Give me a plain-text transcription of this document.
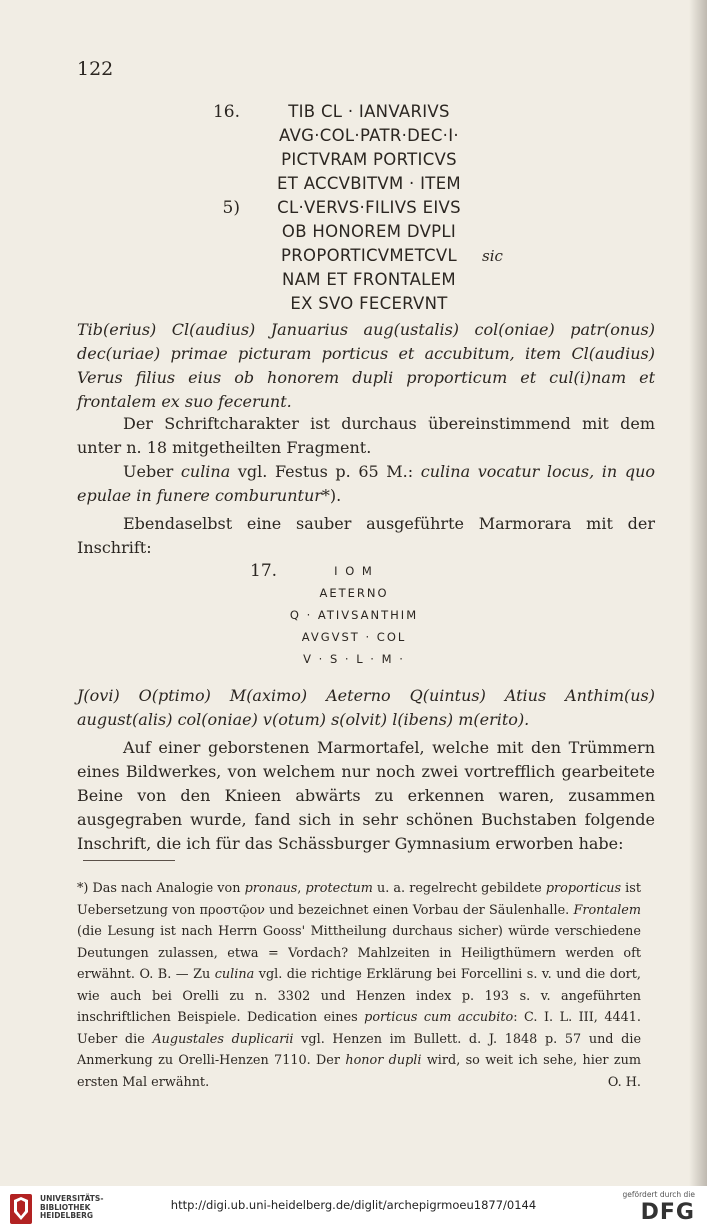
122
16.	TIB CL · IANVARIVS
AVG·COL·PATR·DEC·I·
PICTVRAM PORTICVS
ET ACCVBITVM · ITEM
5)	CL·VERVS·FILIVS EIVS
OB HONOREM DVPLI
PROPORTICVMETCVL	sic
NAM ET FRONTALEM
EX SVO FECERVNT
Tib(erius) Cl(audius) Januarius aug(ustalis) col(oniae) patr(onus) dec(uriae) primae picturam porticus et accubitum, item Cl(audius) Verus filius eius ob honorem dupli proporticum et cul(i)nam et frontalem ex suo fecerunt.
Der Schriftcharakter ist durchaus übereinstimmend mit dem unter n. 18 mitgetheilten Fragment.
Ueber culina vgl. Festus p. 65 M.: culina vocatur locus, in quo epulae in funere comburuntur*).
Ebendaselbst eine sauber ausgeführte Marmorara mit der Inschrift:
17.	I O M
AETERNO
Q · ATIVSANTHIM
AVGVST · COL
V · S · L · M ·
J(ovi) O(ptimo) M(aximo) Aeterno Q(uintus) Atius Anthim(us) august(alis) col(oniae) v(otum) s(olvit) l(ibens) m(erito).
Auf einer geborstenen Marmortafel, welche mit den Trümmern eines Bildwerkes, von welchem nur noch zwei vortrefflich gearbeitete Beine von den Knieen abwärts zu erkennen waren, zusammen ausgegraben wurde, fand sich in sehr schönen Buchstaben folgende Inschrift, die ich für das Schässburger Gymnasium erworben habe:
*) Das nach Analogie von pronaus, protectum u. a. regelrecht gebildete proporticus ist Uebersetzung von προστῷον und bezeichnet einen Vorbau der Säulenhalle. Frontalem (die Lesung ist nach Herrn Gooss' Mittheilung durchaus sicher) würde verschiedene Deutungen zulassen, etwa = Vordach? Mahlzeiten in Heiligthümern werden oft erwähnt. O. B. — Zu culina vgl. die richtige Erklärung bei Forcellini s. v. und die dort, wie auch bei Orelli zu n. 3302 und Henzen index p. 193 s. v. angeführten inschriftlichen Beispiele. Dedication eines porticus cum accubito: C. I. L. III, 4441. Ueber die Augustales duplicarii vgl. Henzen im Bullett. d. J. 1848 p. 57 und die Anmerkung zu Orelli-Henzen 7110. Der honor dupli wird, so weit ich sehe, hier zum ersten Mal erwähnt.	O. H.
UNIVERSITÄTS-
BIBLIOTHEK
HEIDELBERG
http://digi.ub.uni-heidelberg.de/diglit/archepigrmoeu1877/0144
gefördert durch die
DFG
